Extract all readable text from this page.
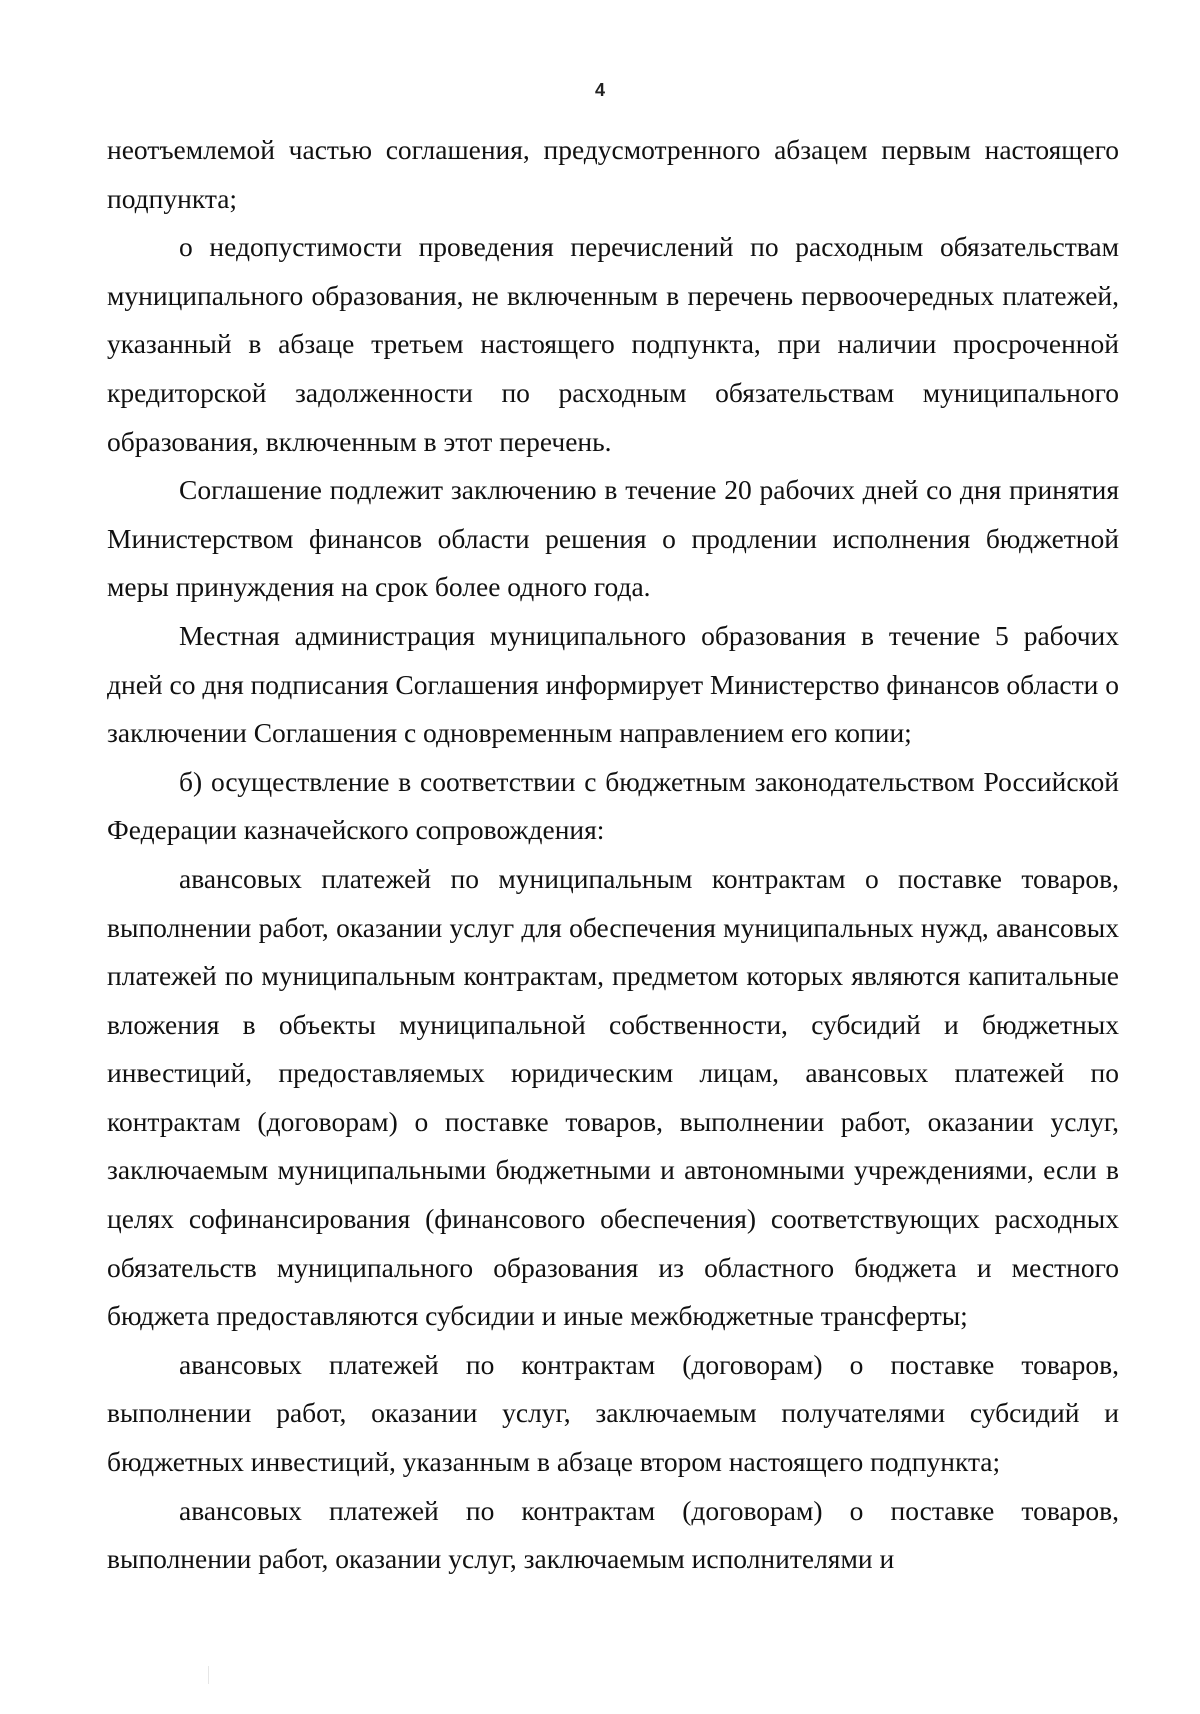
4

неотъемлемой частью соглашения, предусмотренного абзацем первым настоящего подпункта;

о недопустимости проведения перечислений по расходным обязательствам муниципального образования, не включенным в перечень первоочередных платежей, указанный в абзаце третьем настоящего подпункта, при наличии просроченной кредиторской задолженности по расходным обязательствам муниципального образования, включенным в этот перечень.

Соглашение подлежит заключению в течение 20 рабочих дней со дня принятия Министерством финансов области решения о продлении исполнения бюджетной меры принуждения на срок более одного года.

Местная администрация муниципального образования в течение 5 рабочих дней со дня подписания Соглашения информирует Министерство финансов области о заключении Соглашения с одновременным направлением его копии;

б) осуществление в соответствии с бюджетным законодательством Российской Федерации казначейского сопровождения:

авансовых платежей по муниципальным контрактам о поставке товаров, выполнении работ, оказании услуг для обеспечения муниципальных нужд, авансовых платежей по муниципальным контрактам, предметом которых являются капитальные вложения в объекты муниципальной собственности, субсидий и бюджетных инвестиций, предоставляемых юридическим лицам, авансовых платежей по контрактам (договорам) о поставке товаров, выполнении работ, оказании услуг, заключаемым муниципальными бюджетными и автономными учреждениями, если в целях софинансирования (финансового обеспечения) соответствующих расходных обязательств муниципального образования из областного бюджета и местного бюджета предоставляются субсидии и иные межбюджетные трансферты;

авансовых платежей по контрактам (договорам) о поставке товаров, выполнении работ, оказании услуг, заключаемым получателями субсидий и бюджетных инвестиций, указанным в абзаце втором настоящего подпункта;

авансовых платежей по контрактам (договорам) о поставке товаров, выполнении работ, оказании услуг, заключаемым исполнителями и
